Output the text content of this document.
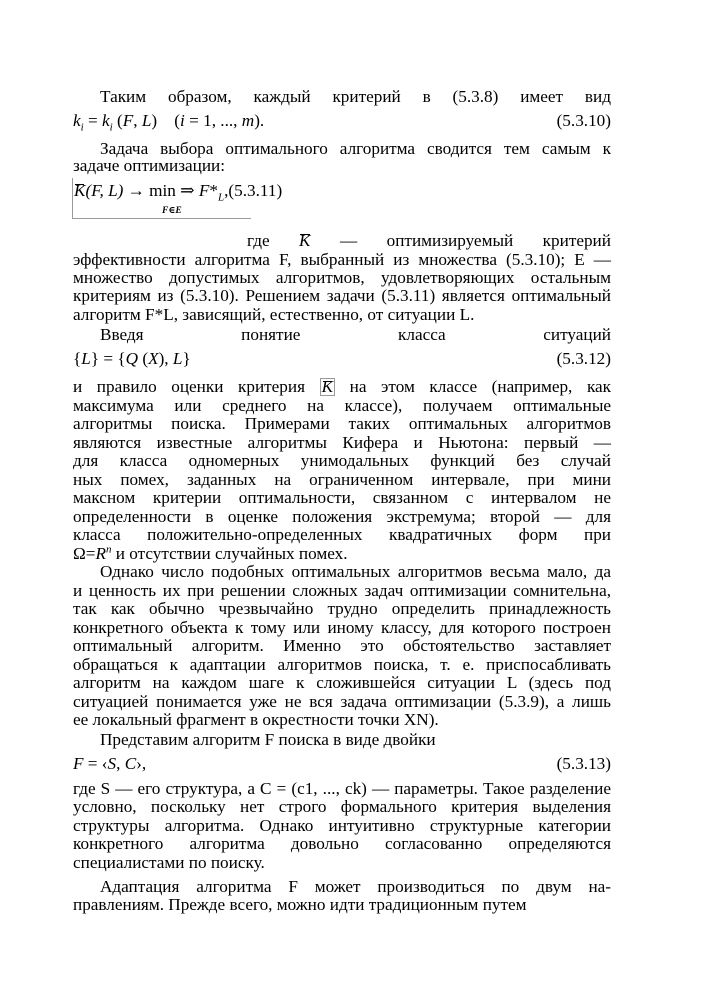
Таким образом, каждый критерий в (5.3.8) имеет вид
$k_i = k_i$ (F, L)    (i = 1, ..., m).	(5.3.10)
Задача выбора оптимального алгоритма сводится тем самым к
задаче оптимизации:
K(F, L) → min ⇒ $F*_L,(5.3.11)$
F∈E
где K — оптимизируемый критерий
эффективности алгоритма F, выбранный из множества (5.3.10); E —
множество допустимых алгоритмов, удовлетворяющих остальным
критериям из (5.3.10). Решением задачи (5.3.11) является оптимальный
алгоритм F*L, зависящий, естественно, от ситуации L.
Введя	понятие	класса	ситуаций
{L} = {Q (X), L}	(5.3.12)
и правило оценки критерия K на этом классе (например, как
максимума или среднего на классе), получаем оптимальные
алгоритмы поиска. Примерами таких оптимальных алгоритмов
являются известные алгоритмы Кифера и Ньютона: первый —
для класса одномерных унимодальных функций без случай
ных помех, заданных на ограниченном интервале, при мини
максном критерии оптимальности, связанном с интервалом не
определенности в оценке положения экстремума; второй — для
класса положительно-определенных квадратичных форм при
$\Omega=R^n$ и отсутствии случайных помех.
Однако число подобных оптимальных алгоритмов весьма мало, да
и ценность их при решении сложных задач оптимизации сомнительна,
так как обычно чрезвычайно трудно определить принадлежность
конкретного объекта к тому или иному классу, для которого построен
оптимальный алгоритм. Именно это обстоятельство заставляет
обращаться к адаптации алгоритмов поиска, т. е. приспосабливать
алгоритм на каждом шаге к сложившейся ситуации L (здесь под
ситуацией понимается уже не вся задача оптимизации (5.3.9), а лишь
ее локальный фрагмент в окрестности точки XN).
Представим алгоритм F поиска в виде двойки
F = ‹S, C›,	(5.3.13)
где S — его структура, а C = (c1, ..., ck) — параметры. Такое разделение
условно, поскольку нет строго формального критерия выделения
структуры алгоритма. Однако интуитивно структурные категории
конкретного алгоритма довольно согласованно определяются
специалистами по поиску.
Адаптация алгоритма F может производиться по двум на-
правлениям. Прежде всего, можно идти традиционным путем
